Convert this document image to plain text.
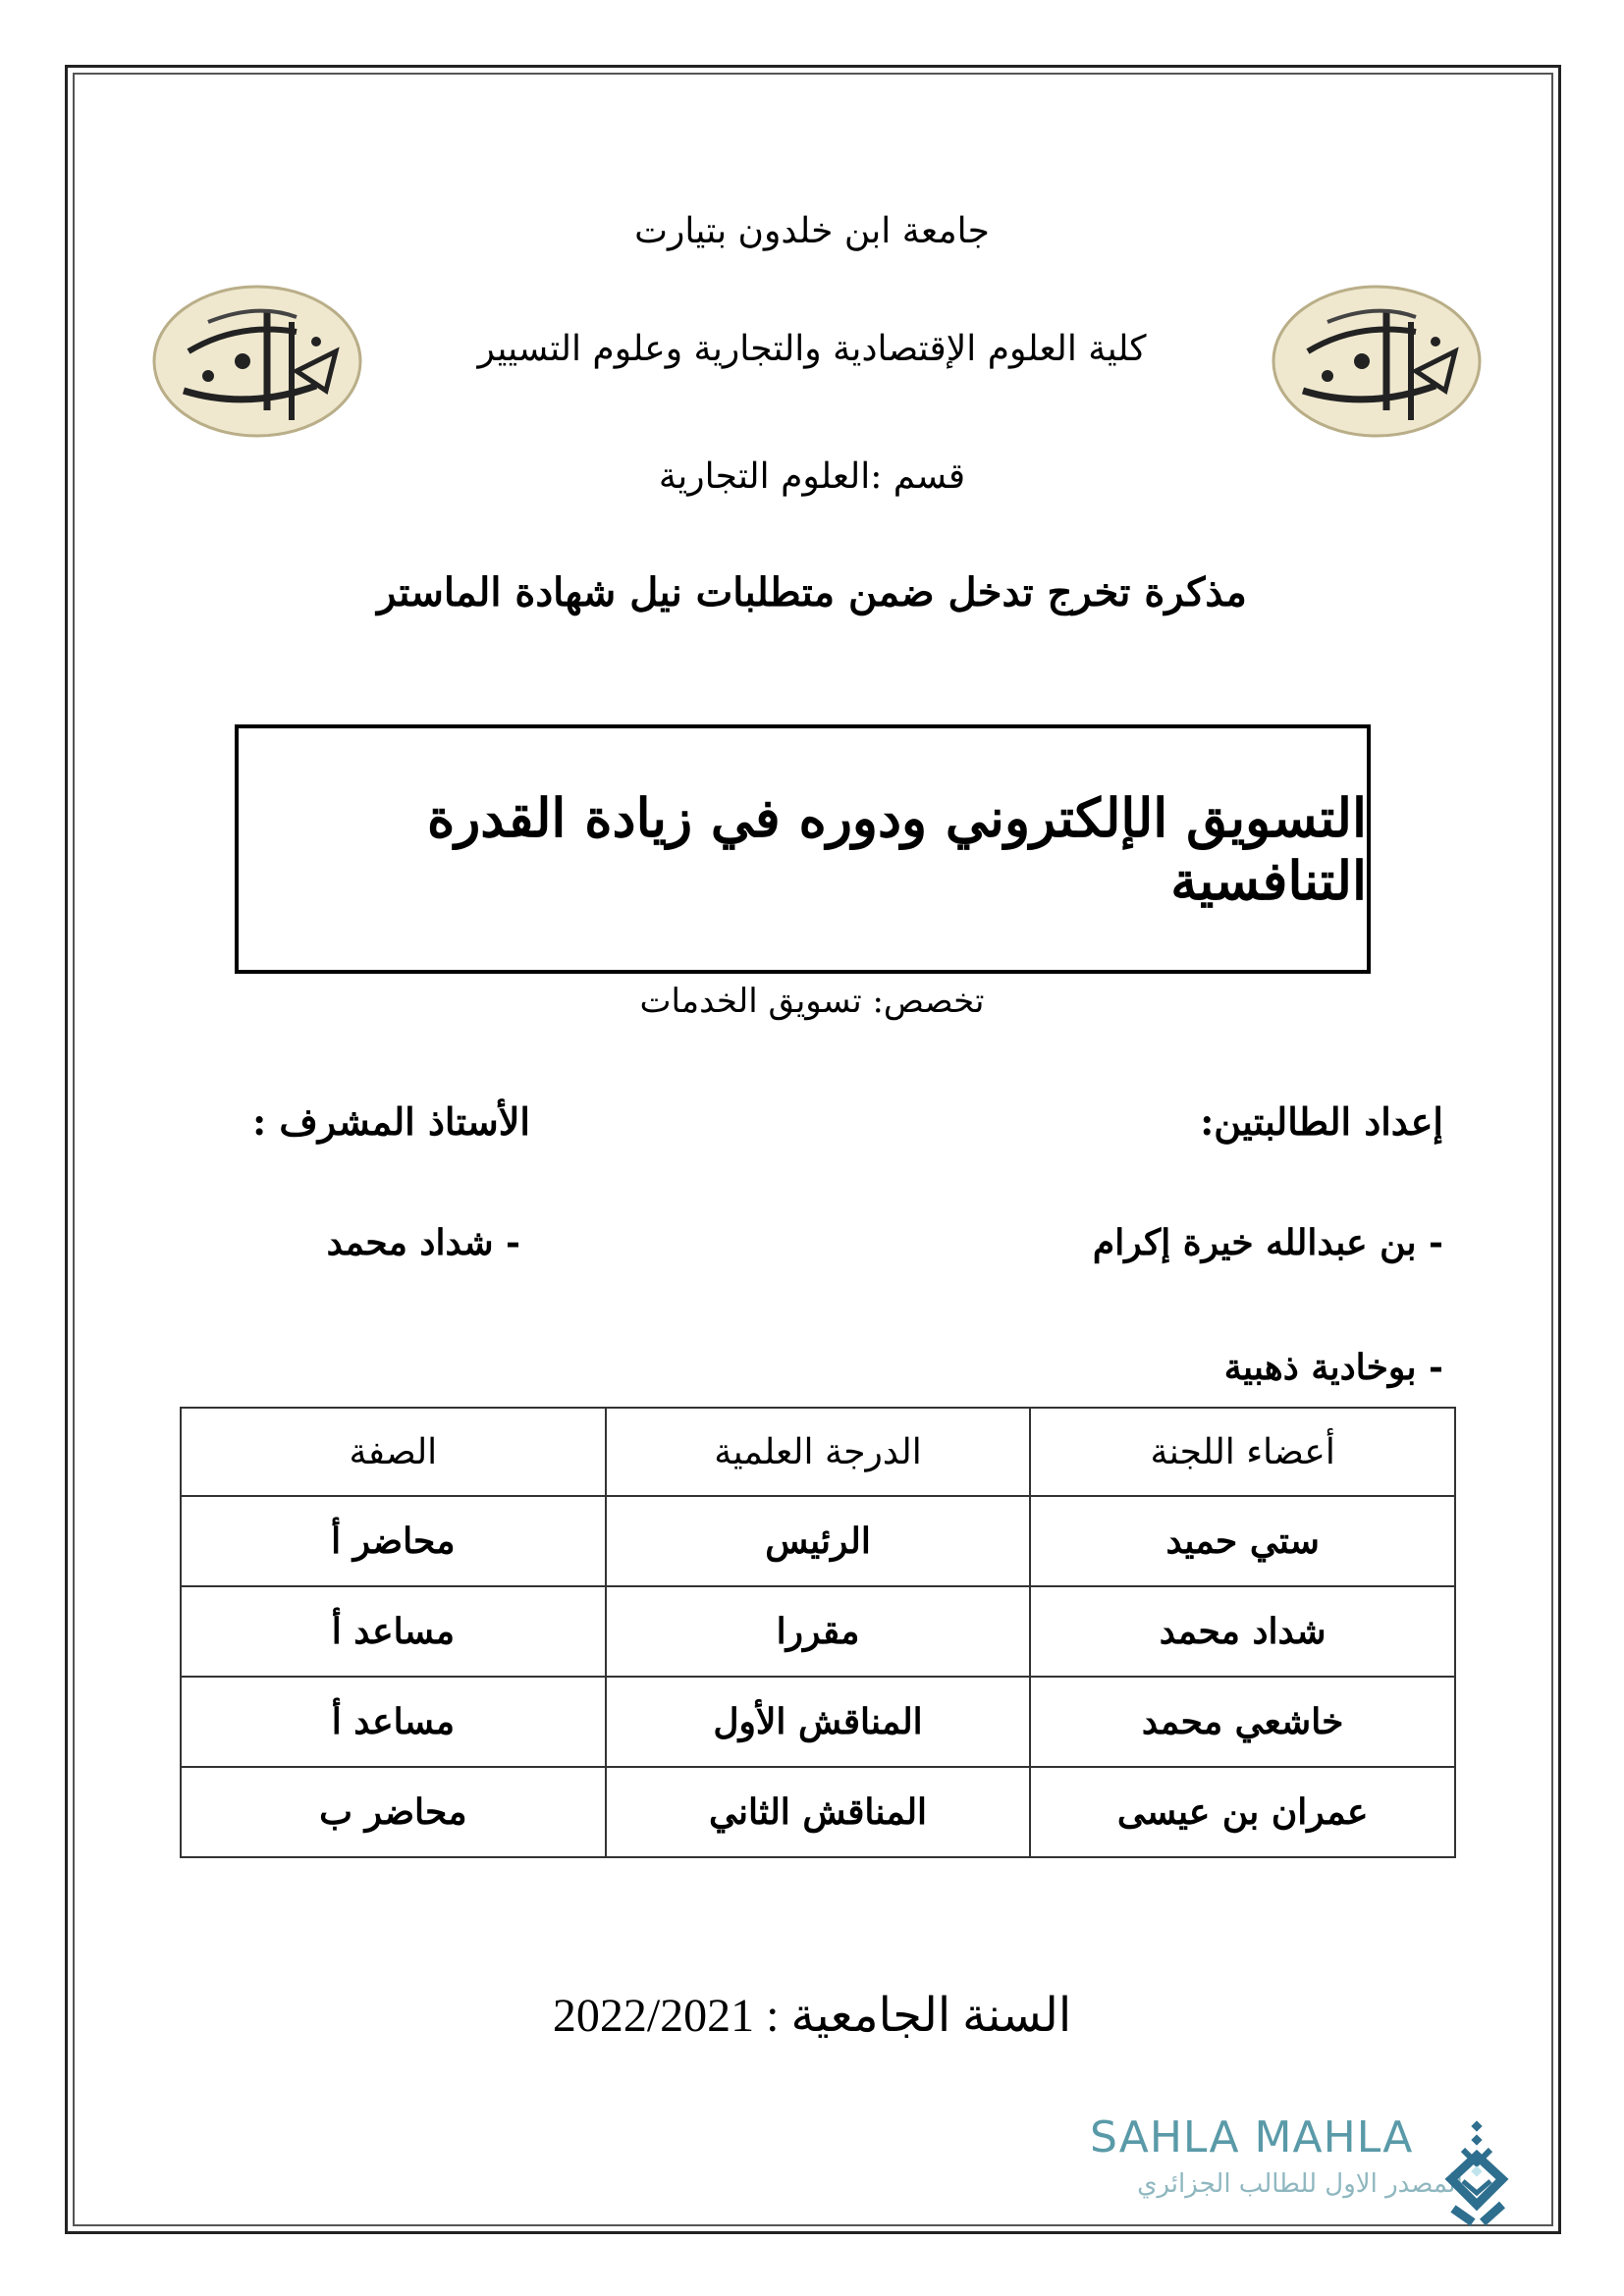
جامعة ابن خلدون بتيارت
كلية العلوم الإقتصادية والتجارية وعلوم التسيير
قسم :العلوم التجارية
مذكرة تخرج تدخل ضمن متطلبات نيل شهادة الماستر
التسويق الإلكتروني ودوره في زيادة القدرة التنافسية
تخصص: تسويق الخدمات
إعداد الطالبتين:
الأستاذ المشرف :
- بن عبدالله خيرة إكرام
- بوخادية ذهبية
- شداد محمد
أعضاء اللجنة	الدرجة العلمية	الصفة
ستي حميد	الرئيس	محاضر أ
شداد محمد	مقررا	مساعد أ
خاشعي محمد	المناقش الأول	مساعد أ
عمران بن عيسى	المناقش الثاني	محاضر ب
السنة الجامعية : 2022/2021
SAHLA MAHLA
المصدر الاول للطالب الجزائري
